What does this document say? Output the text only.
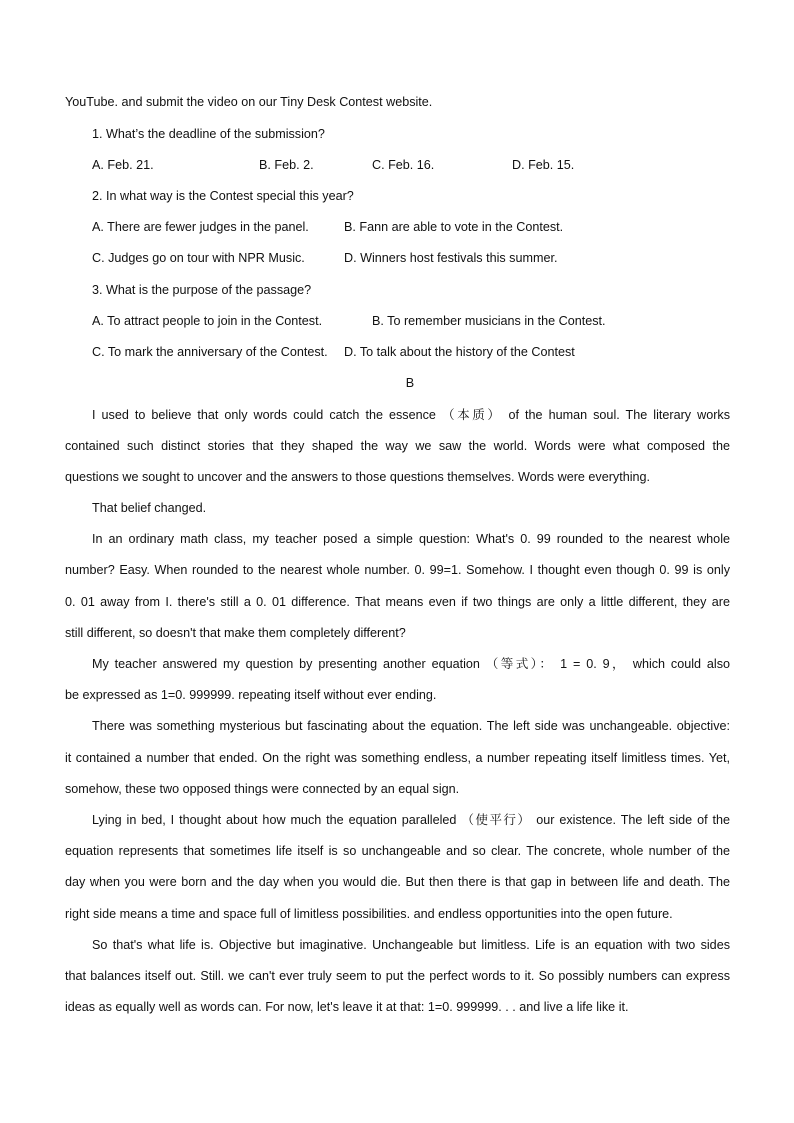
YouTube. and submit the video on our Tiny Desk Contest website.
1. What’s the deadline of the submission?
A. Feb. 21.	B. Feb. 2.	C. Feb. 16.	D. Feb. 15.
2. In what way is the Contest special this year?
A. There are fewer judges in the panel.	B. Fann are able to vote in the Contest.
C. Judges go on tour with NPR Music.	D. Winners host festivals this summer.
3. What is the purpose of the passage?
A. To attract people to join in the Contest.	B. To remember musicians in the Contest.
C. To mark the anniversary of the Contest. D. To talk about the history of the Contest
B
I used to believe that only words could catch the essence （本质） of the human soul. The literary works
contained such distinct stories that they shaped the way we saw the world. Words were what composed the
questions we sought to uncover and the answers to those questions themselves. Words were everything.
That belief changed.
In an ordinary math class, my teacher posed a simple question: What's 0. 99 rounded to the nearest whole
number? Easy. When rounded to the nearest whole number. 0. 99=1. Somehow. I thought even though 0. 99 is only
0. 01 away from I. there's still a 0. 01 difference. That means even if two things are only a little different, they are
still different, so doesn't that make them completely different?
My teacher answered my question by presenting another equation （等式）： 1 = 0. 9， which could also
be expressed as 1=0. 999999. repeating itself without ever ending.
There was something mysterious but fascinating about the equation. The left side was unchangeable. objective:
it contained a number that ended. On the right was something endless, a number repeating itself limitless times. Yet,
somehow, these two opposed things were connected by an equal sign.
Lying in bed, I thought about how much the equation paralleled （使平行） our existence. The left side of the
equation represents that sometimes life itself is so unchangeable and so clear. The concrete, whole number of the
day when you were born and the day when you would die. But then there is that gap in between life and death. The
right side means a time and space full of limitless possibilities. and endless opportunities into the open future.
So that's what life is. Objective but imaginative. Unchangeable but limitless. Life is an equation with two sides
that balances itself out. Still. we can't ever truly seem to put the perfect words to it. So possibly numbers can express
ideas as equally well as words can. For now, let's leave it at that: 1=0. 999999. . . and live a life like it.
